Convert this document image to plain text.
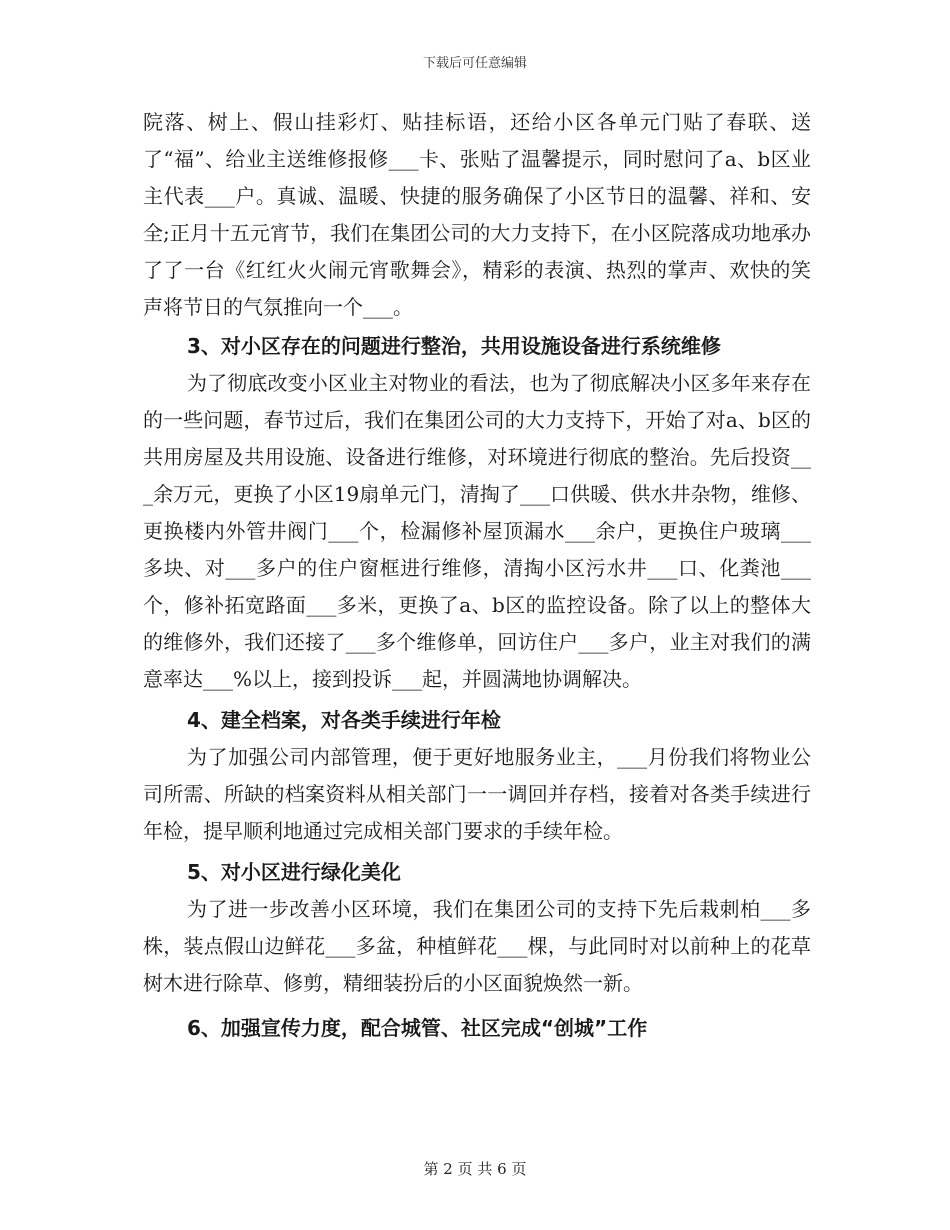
下载后可任意编辑

院落、树上、假山挂彩灯、贴挂标语，还给小区各单元门贴了春联、送了“福”、给业主送维修报修___卡、张贴了温馨提示，同时慰问了a、b区业主代表___户。真诚、温暖、快捷的服务确保了小区节日的温馨、祥和、安全;正月十五元宵节，我们在集团公司的大力支持下，在小区院落成功地承办了了一台《红红火火闹元宵歌舞会》，精彩的表演、热烈的掌声、欢快的笑声将节日的气氛推向一个___。

3、对小区存在的问题进行整治，共用设施设备进行系统维修

为了彻底改变小区业主对物业的看法，也为了彻底解决小区多年来存在的一些问题，春节过后，我们在集团公司的大力支持下，开始了对a、b区的共用房屋及共用设施、设备进行维修，对环境进行彻底的整治。先后投资___余万元，更换了小区19扇单元门，清掏了___口供暖、供水井杂物，维修、更换楼内外管井阀门___个，检漏修补屋顶漏水___余户，更换住户玻璃___多块、对___多户的住户窗框进行维修，清掏小区污水井___口、化粪池___个，修补拓宽路面___多米，更换了a、b区的监控设备。除了以上的整体大的维修外，我们还接了___多个维修单，回访住户___多户，业主对我们的满意率达___%以上，接到投诉___起，并圆满地协调解决。

4、建全档案，对各类手续进行年检

为了加强公司内部管理，便于更好地服务业主，___月份我们将物业公司所需、所缺的档案资料从相关部门一一调回并存档，接着对各类手续进行年检，提早顺利地通过完成相关部门要求的手续年检。

5、对小区进行绿化美化

为了进一步改善小区环境，我们在集团公司的支持下先后栽刺柏___多株，装点假山边鲜花___多盆，种植鲜花___棵，与此同时对以前种上的花草树木进行除草、修剪，精细装扮后的小区面貌焕然一新。

6、加强宣传力度，配合城管、社区完成“创城”工作

第 2 页 共 6 页
